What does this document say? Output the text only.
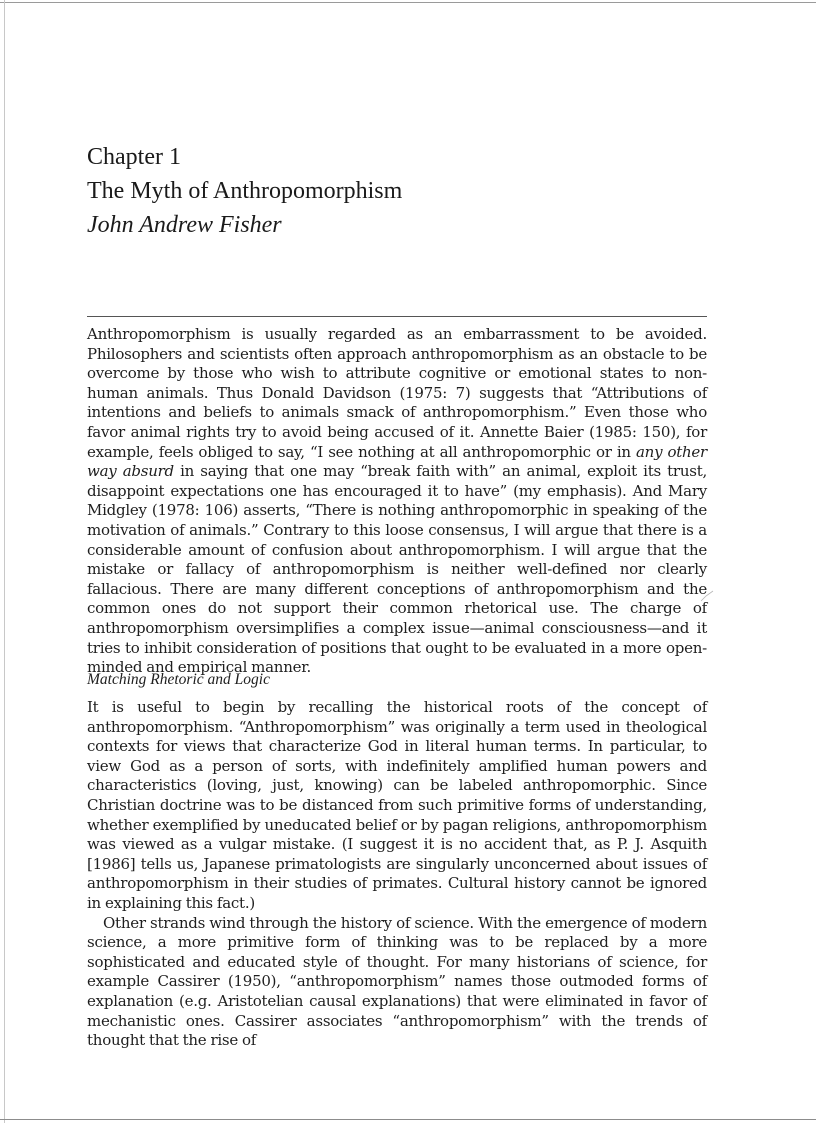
Chapter 1
The Myth of Anthropomorphism
John Andrew Fisher

Anthropomorphism is usually regarded as an embarrassment to be avoided. Philosophers and scientists often approach anthropomorphism as an obstacle to be overcome by those who wish to attribute cognitive or emotional states to non-human animals. Thus Donald Davidson (1975: 7) suggests that “Attributions of intentions and beliefs to animals smack of anthropomorphism.” Even those who favor animal rights try to avoid being accused of it. Annette Baier (1985: 150), for example, feels obliged to say, “I see nothing at all anthropomorphic or in any other way absurd in saying that one may “break faith with” an animal, exploit its trust, disappoint expectations one has encouraged it to have” (my emphasis). And Mary Midgley (1978: 106) asserts, “There is nothing anthropomorphic in speaking of the motivation of animals.” Contrary to this loose consensus, I will argue that there is a considerable amount of confusion about anthropomorphism. I will argue that the mistake or fallacy of anthropomorphism is neither well-defined nor clearly fallacious. There are many different conceptions of anthropomorphism and the common ones do not support their common rhetorical use. The charge of anthropomorphism oversimplifies a complex issue—animal consciousness—and it tries to inhibit consideration of positions that ought to be evaluated in a more open-minded and empirical manner.

Matching Rhetoric and Logic

It is useful to begin by recalling the historical roots of the concept of anthropomorphism. “Anthropomorphism” was originally a term used in theological contexts for views that characterize God in literal human terms. In particular, to view God as a person of sorts, with indefinitely amplified human powers and characteristics (loving, just, knowing) can be labeled anthropomorphic. Since Christian doctrine was to be distanced from such primitive forms of understanding, whether exemplified by uneducated belief or by pagan religions, anthropomorphism was viewed as a vulgar mistake. (I suggest it is no accident that, as P. J. Asquith [1986] tells us, Japanese primatologists are singularly unconcerned about issues of anthropomorphism in their studies of primates. Cultural history cannot be ignored in explaining this fact.)

Other strands wind through the history of science. With the emergence of modern science, a more primitive form of thinking was to be replaced by a more sophisticated and educated style of thought. For many historians of science, for example Cassirer (1950), “anthropomorphism” names those outmoded forms of explanation (e.g. Aristotelian causal explanations) that were eliminated in favor of mechanistic ones. Cassirer associates “anthropomorphism” with the trends of thought that the rise of
